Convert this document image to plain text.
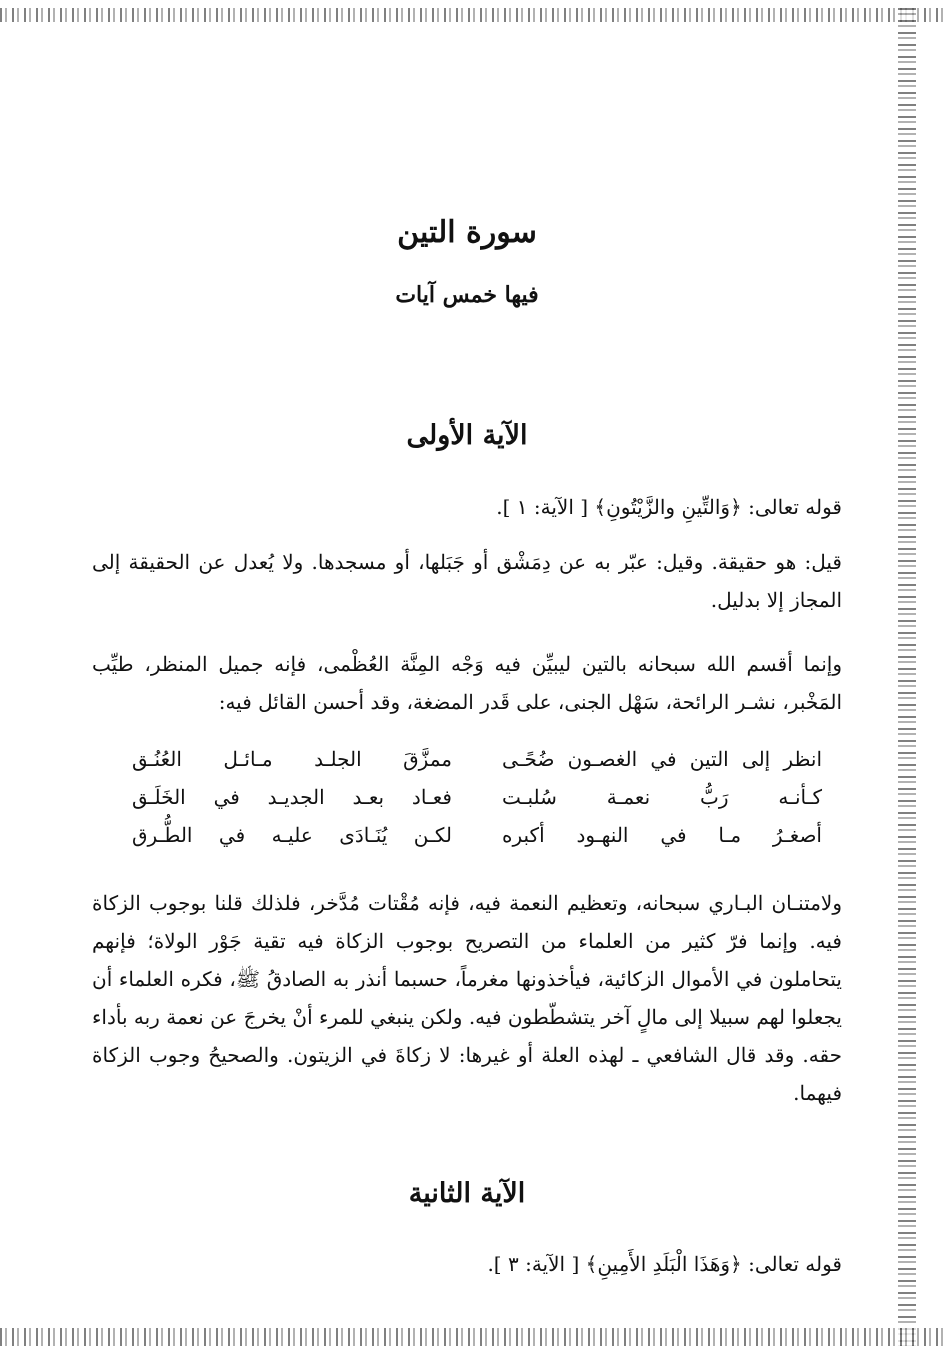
سورة التين
فيها خمس آيات
الآية الأولى

قوله تعالى: ﴿وَالتِّينِ والزَّيْتُونِ﴾ [ الآية: ١ ].

قيل: هو حقيقة. وقيل: عبّر به عن دِمَشْق أو جَبَلها، أو مسجدها. ولا يُعدل عن الحقيقة إلى المجاز إلا بدليل.

وإنما أقسم الله سبحانه بالتين ليبيِّن فيه وَجْه المِنَّة العُظْمى، فإنه جميل المنظر، طيِّب المَخْبر، نشـر الرائحة، سَهْل الجنى، على قَدر المضغة، وقد أحسن القائل فيه:

انظر إلى التين في الغصـون ضُحًـى
ممزَّقَ الجلـد مـائـل العُنُـق
كـأنـه رَبُّ نعمـة سُلبـت
فعـاد بعـد الجديـد في الخَلَـق
أصغـرُ مـا في النهـود أكبره
لكـن يُنَـادَى عليـه في الطُّـرق

ولامتنـان البـاري سبحانه، وتعظيم النعمة فيه، فإنه مُقْتات مُدَّخر، فلذلك قلنا بوجوب الزكاة فيه. وإنما فرّ كثير من العلماء من التصريح بوجوب الزكاة فيه تقية جَوْر الولاة؛ فإنهم يتحاملون في الأموال الزكائية، فيأخذونها مغرماً، حسبما أنذر به الصادقُ ﷺ، فكره العلماء أن يجعلوا لهم سبيلا إلى مالٍ آخر يتشطّطون فيه. ولكن ينبغي للمرء أنْ يخرجَ عن نعمة ربه بأداء حقه. وقد قال الشافعي ـ لهذه العلة أو غيرها: لا زكاةَ في الزيتون. والصحيحُ وجوب الزكاة فيهما.

الآية الثانية

قوله تعالى: ﴿وَهَذَا الْبَلَدِ الأَمِينِ﴾ [ الآية: ٣ ].
